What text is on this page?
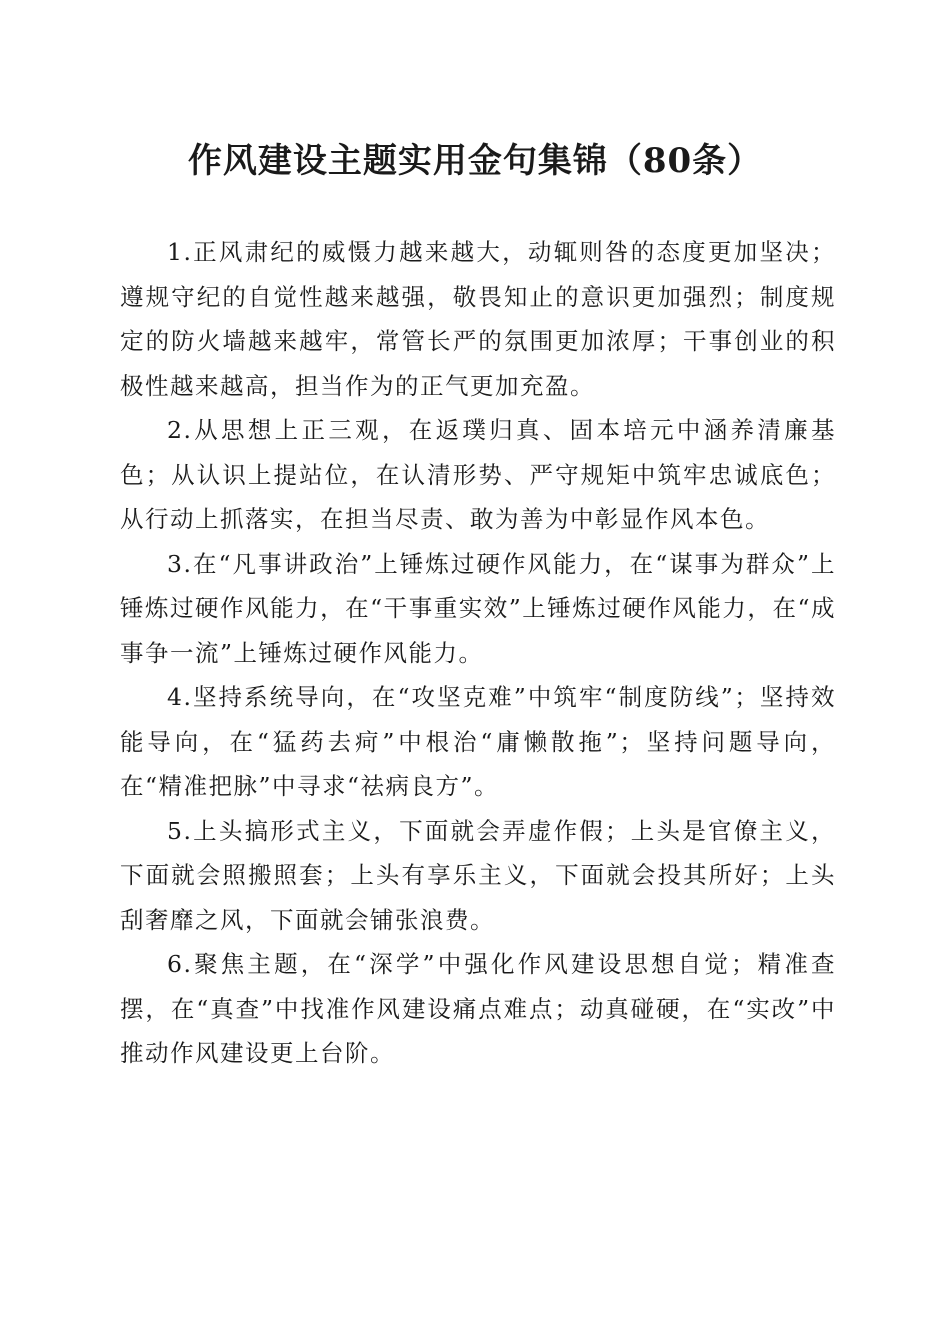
作风建设主题实用金句集锦（80条）

1.正风肃纪的威慑力越来越大，动辄则咎的态度更加坚决；遵规守纪的自觉性越来越强，敬畏知止的意识更加强烈；制度规定的防火墙越来越牢，常管长严的氛围更加浓厚；干事创业的积极性越来越高，担当作为的正气更加充盈。

2.从思想上正三观，在返璞归真、固本培元中涵养清廉基色；从认识上提站位，在认清形势、严守规矩中筑牢忠诚底色；从行动上抓落实，在担当尽责、敢为善为中彰显作风本色。

3.在“凡事讲政治”上锤炼过硬作风能力，在“谋事为群众”上锤炼过硬作风能力，在“干事重实效”上锤炼过硬作风能力，在“成事争一流”上锤炼过硬作风能力。

4.坚持系统导向，在“攻坚克难”中筑牢“制度防线”；坚持效能导向，在“猛药去疴”中根治“庸懒散拖”；坚持问题导向，在“精准把脉”中寻求“祛病良方”。

5.上头搞形式主义，下面就会弄虚作假；上头是官僚主义，下面就会照搬照套；上头有享乐主义，下面就会投其所好；上头刮奢靡之风，下面就会铺张浪费。

6.聚焦主题，在“深学”中强化作风建设思想自觉；精准查摆，在“真查”中找准作风建设痛点难点；动真碰硬，在“实改”中推动作风建设更上台阶。
